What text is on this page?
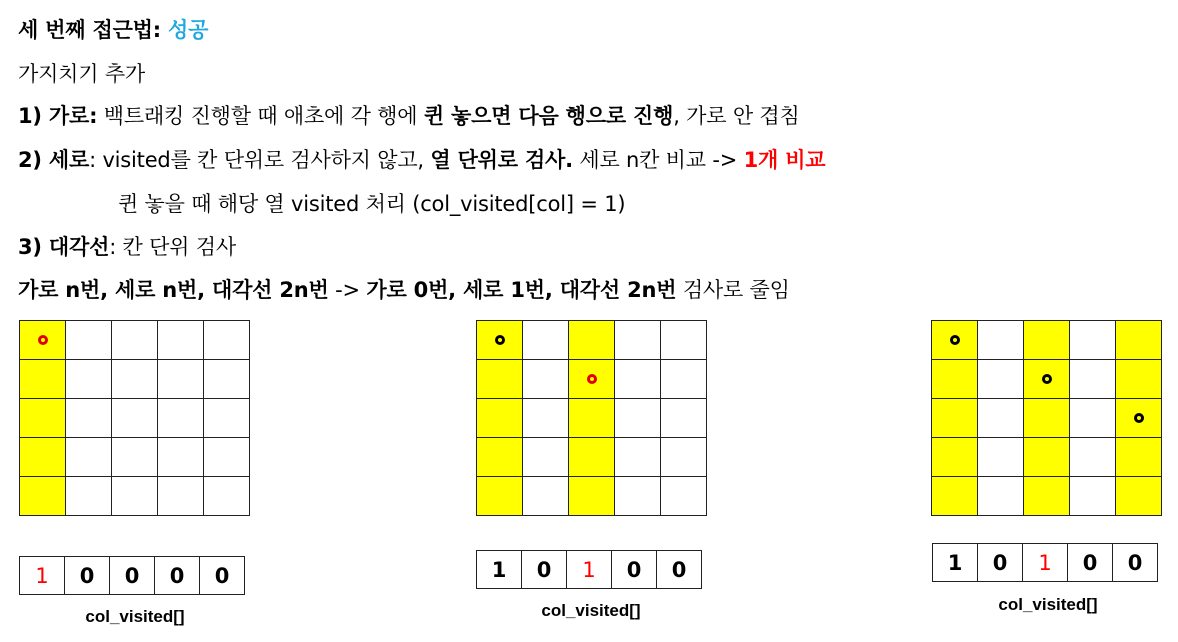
세 번째 접근법: 성공
가지치기 추가
1) 가로: 백트래킹 진행할 때 애초에 각 행에 퀸 놓으면 다음 행으로 진행, 가로 안 겹침
2) 세로: visited를 칸 단위로 검사하지 않고, 열 단위로 검사. 세로 n칸 비교 -> 1개 비교
퀸 놓을 때 해당 열 visited 처리 (col_visited[col] = 1)
3) 대각선: 칸 단위 검사
가로 n번, 세로 n번, 대각선 2n번 -> 가로 0번, 세로 1번, 대각선 2n번 검사로 줄임

1	0	0	0	0
col_visited[]

1	0	1	0	0
col_visited[]

1	0	1	0	0
col_visited[]
